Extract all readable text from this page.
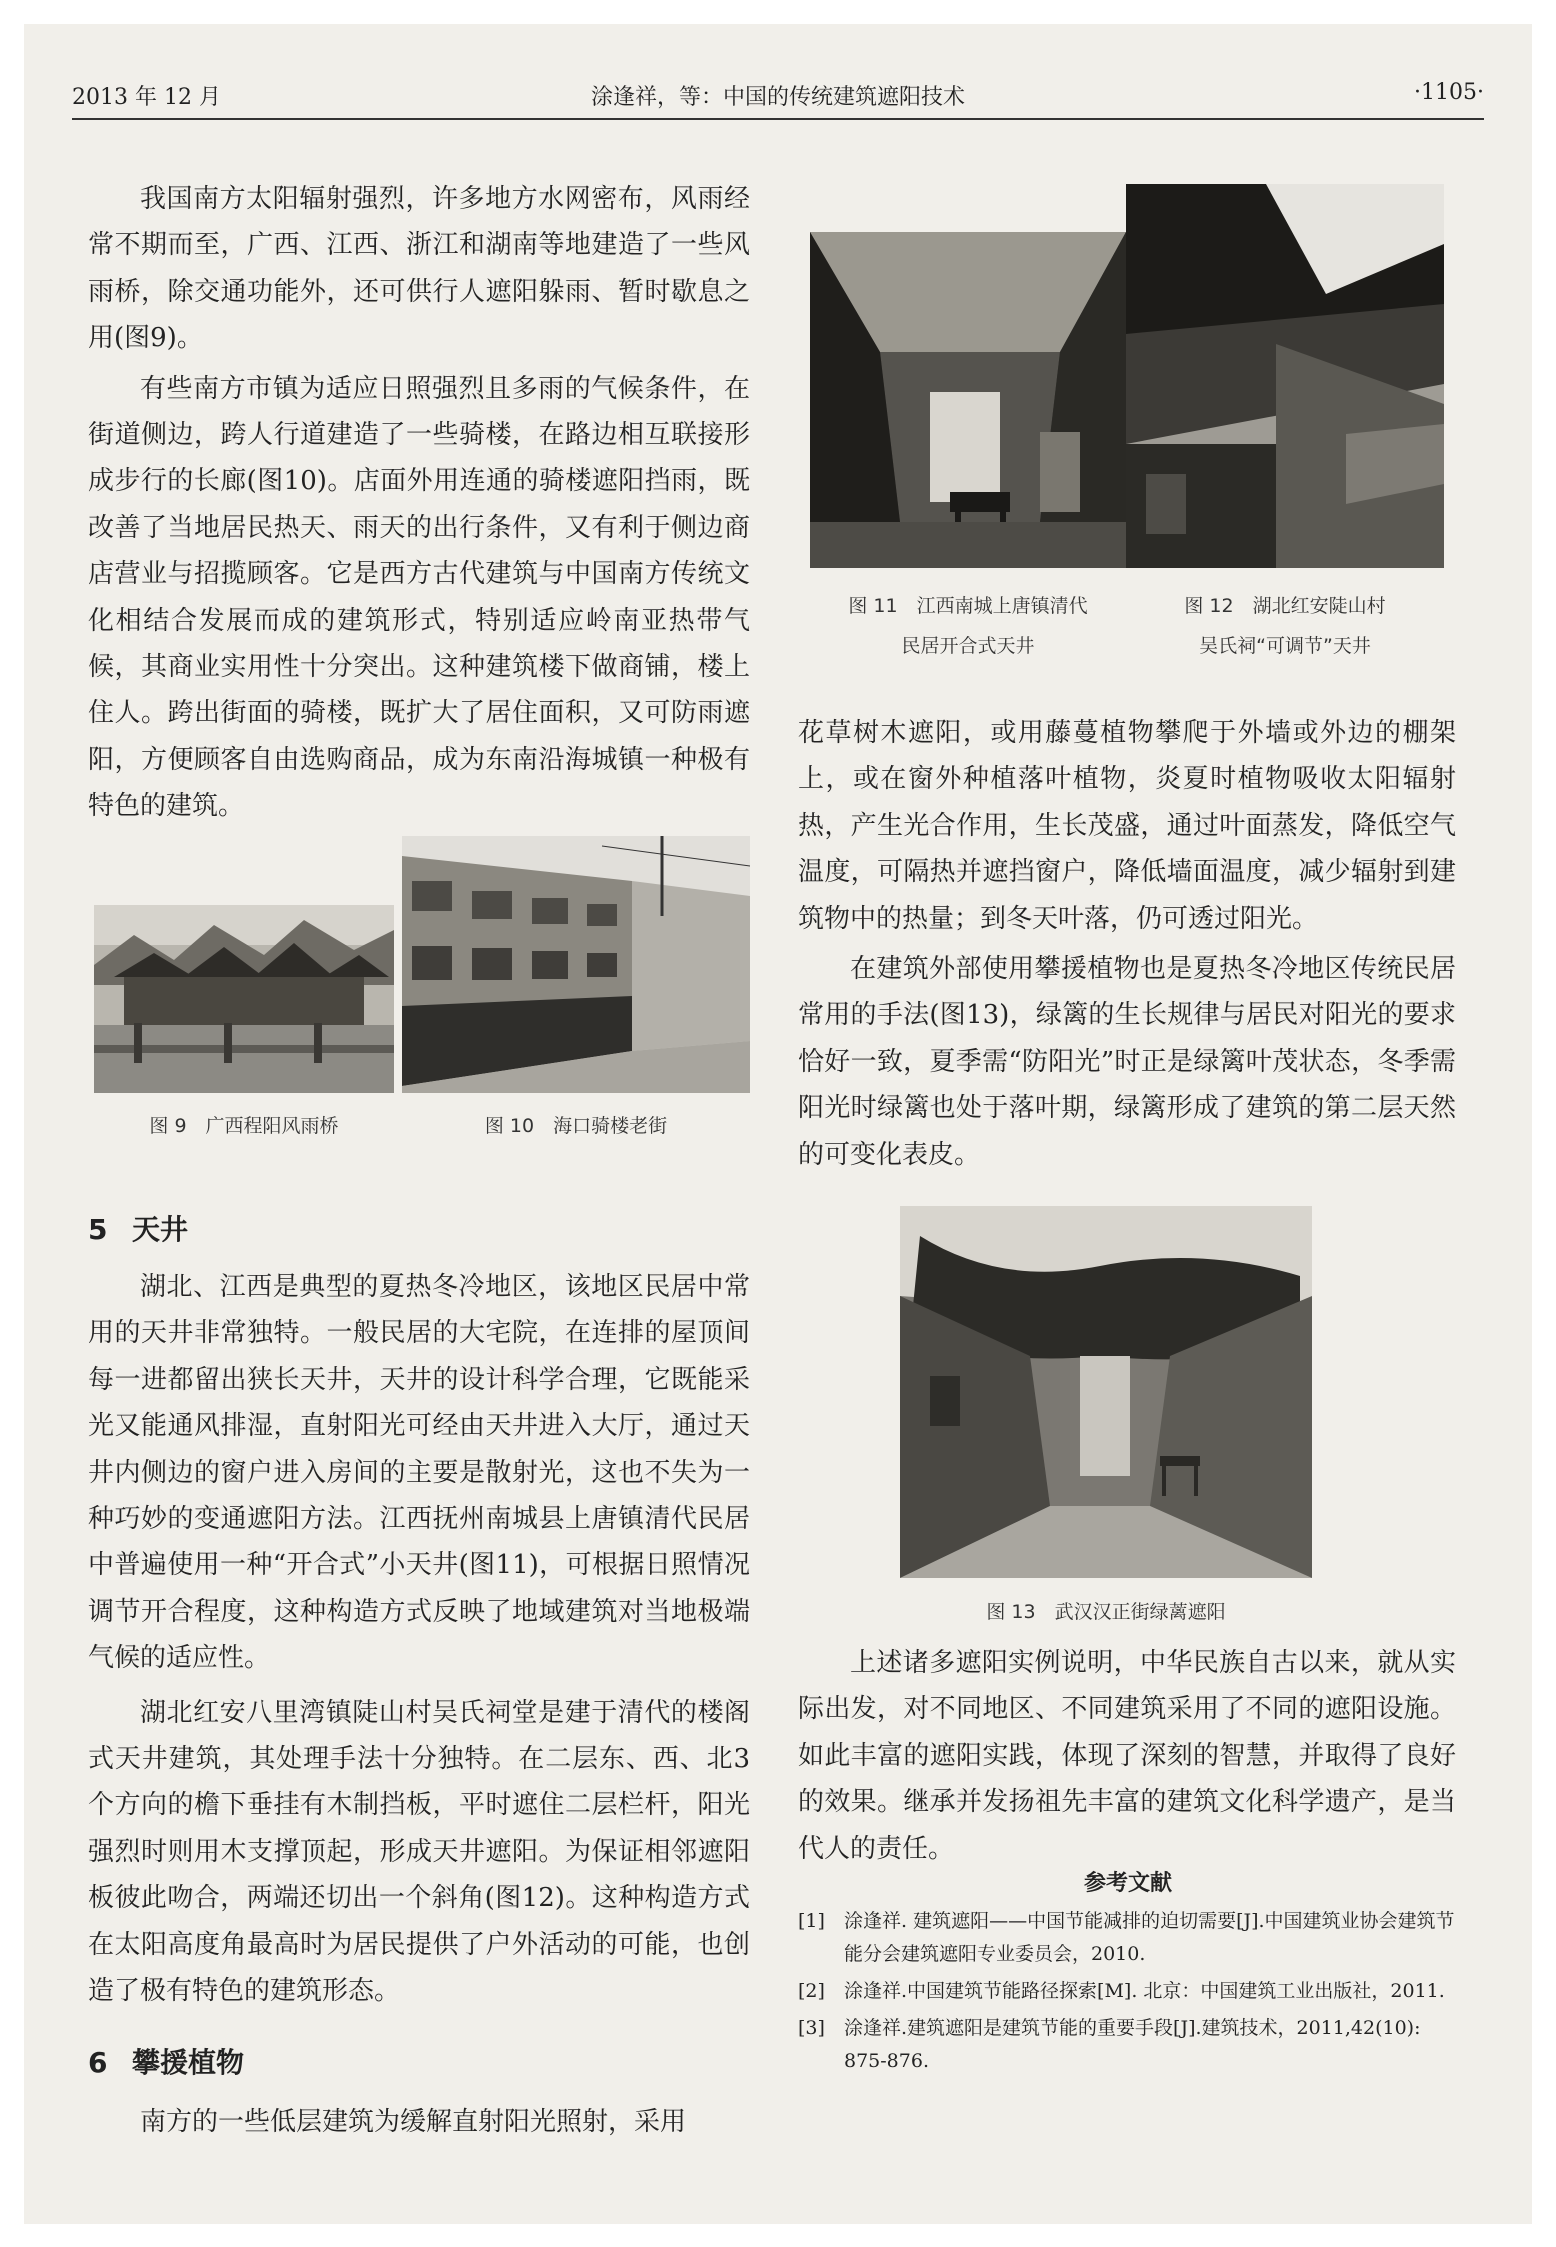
2013 年 12 月	涂逢祥，等：中国的传统建筑遮阳技术	·1105·

我国南方太阳辐射强烈，许多地方水网密布，风雨经常不期而至，广西、江西、浙江和湖南等地建造了一些风雨桥，除交通功能外，还可供行人遮阳躲雨、暂时歇息之用(图9)。

有些南方市镇为适应日照强烈且多雨的气候条件，在街道侧边，跨人行道建造了一些骑楼，在路边相互联接形成步行的长廊(图10)。店面外用连通的骑楼遮阳挡雨，既改善了当地居民热天、雨天的出行条件，又有利于侧边商店营业与招揽顾客。它是西方古代建筑与中国南方传统文化相结合发展而成的建筑形式，特别适应岭南亚热带气候，其商业实用性十分突出。这种建筑楼下做商铺，楼上住人。跨出街面的骑楼，既扩大了居住面积，又可防雨遮阳，方便顾客自由选购商品，成为东南沿海城镇一种极有特色的建筑。

图 9　广西程阳风雨桥	图 10　海口骑楼老街

5 天井

湖北、江西是典型的夏热冬冷地区，该地区民居中常用的天井非常独特。一般民居的大宅院，在连排的屋顶间每一进都留出狭长天井，天井的设计科学合理，它既能采光又能通风排湿，直射阳光可经由天井进入大厅，通过天井内侧边的窗户进入房间的主要是散射光，这也不失为一种巧妙的变通遮阳方法。江西抚州南城县上唐镇清代民居中普遍使用一种“开合式”小天井(图11)，可根据日照情况调节开合程度，这种构造方式反映了地域建筑对当地极端气候的适应性。

湖北红安八里湾镇陡山村吴氏祠堂是建于清代的楼阁式天井建筑，其处理手法十分独特。在二层东、西、北3个方向的檐下垂挂有木制挡板，平时遮住二层栏杆，阳光强烈时则用木支撑顶起，形成天井遮阳。为保证相邻遮阳板彼此吻合，两端还切出一个斜角(图12)。这种构造方式在太阳高度角最高时为居民提供了户外活动的可能，也创造了极有特色的建筑形态。

6 攀援植物

南方的一些低层建筑为缓解直射阳光照射，采用

图 11　江西南城上唐镇清代
民居开合式天井
图 12　湖北红安陡山村
吴氏祠“可调节”天井

花草树木遮阳，或用藤蔓植物攀爬于外墙或外边的棚架上，或在窗外种植落叶植物，炎夏时植物吸收太阳辐射热，产生光合作用，生长茂盛，通过叶面蒸发，降低空气温度，可隔热并遮挡窗户，降低墙面温度，减少辐射到建筑物中的热量；到冬天叶落，仍可透过阳光。

在建筑外部使用攀援植物也是夏热冬冷地区传统民居常用的手法(图13)，绿篱的生长规律与居民对阳光的要求恰好一致，夏季需“防阳光”时正是绿篱叶茂状态，冬季需阳光时绿篱也处于落叶期，绿篱形成了建筑的第二层天然的可变化表皮。

图 13　武汉汉正街绿蓠遮阳

上述诸多遮阳实例说明，中华民族自古以来，就从实际出发，对不同地区、不同建筑采用了不同的遮阳设施。如此丰富的遮阳实践，体现了深刻的智慧，并取得了良好的效果。继承并发扬祖先丰富的建筑文化科学遗产，是当代人的责任。

参考文献

[1] 涂逢祥. 建筑遮阳——中国节能减排的迫切需要[J].中国建筑业协会建筑节能分会建筑遮阳专业委员会，2010.

[2] 涂逢祥.中国建筑节能路径探索[M]. 北京：中国建筑工业出版社，2011.

[3] 涂逢祥.建筑遮阳是建筑节能的重要手段[J].建筑技术，2011,42(10): 875-876.
